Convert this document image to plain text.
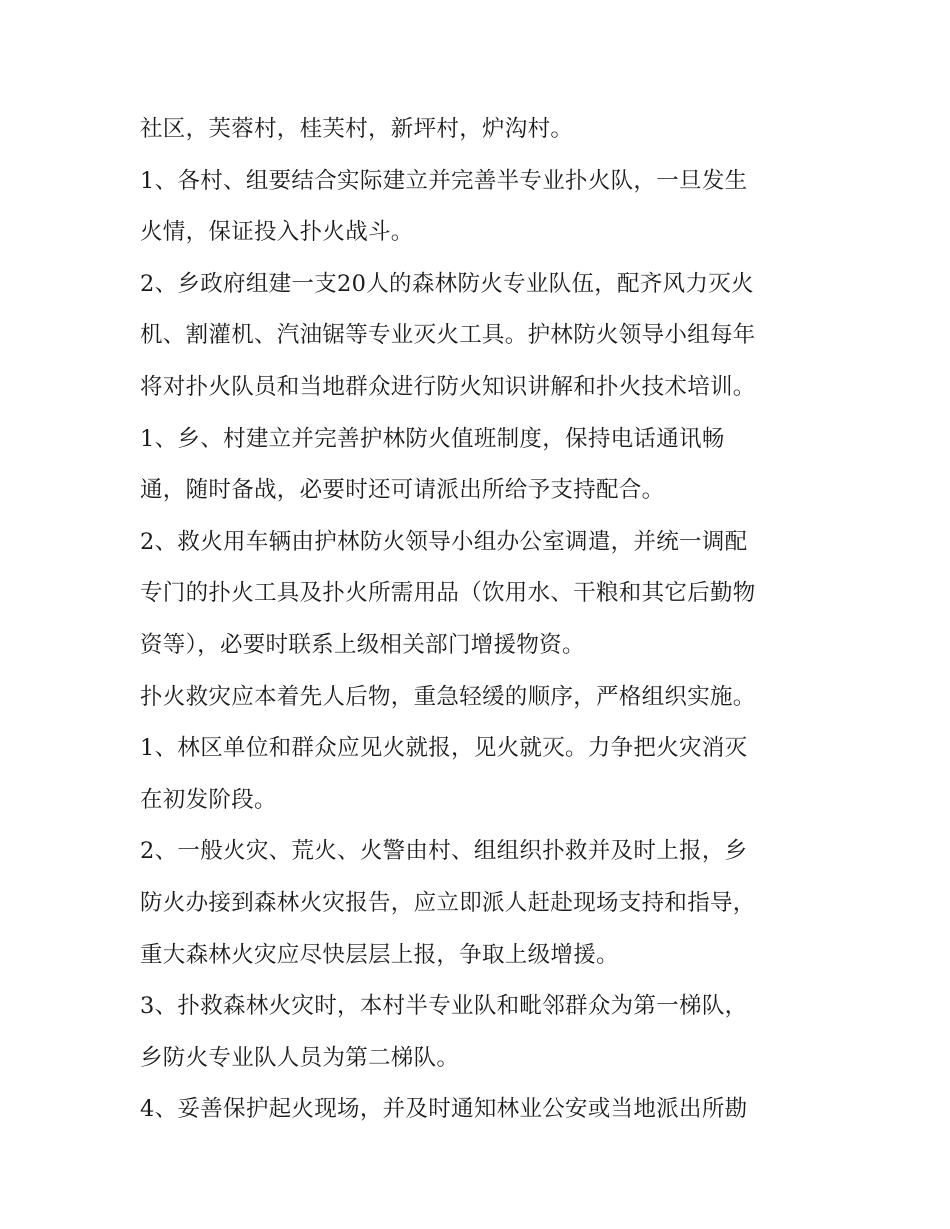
社区，芙蓉村，桂芙村，新坪村，炉沟村。
1、各村、组要结合实际建立并完善半专业扑火队，一旦发生
火情，保证投入扑火战斗。
2、乡政府组建一支20人的森林防火专业队伍，配齐风力灭火
机、割灌机、汽油锯等专业灭火工具。护林防火领导小组每年
将对扑火队员和当地群众进行防火知识讲解和扑火技术培训。
1、乡、村建立并完善护林防火值班制度，保持电话通讯畅
通，随时备战，必要时还可请派出所给予支持配合。
2、救火用车辆由护林防火领导小组办公室调遣，并统一调配
专门的扑火工具及扑火所需用品（饮用水、干粮和其它后勤物
资等），必要时联系上级相关部门增援物资。
扑火救灾应本着先人后物，重急轻缓的顺序，严格组织实施。
1、林区单位和群众应见火就报，见火就灭。力争把火灾消灭
在初发阶段。
2、一般火灾、荒火、火警由村、组组织扑救并及时上报，乡
防火办接到森林火灾报告，应立即派人赶赴现场支持和指导，
重大森林火灾应尽快层层上报，争取上级增援。
3、扑救森林火灾时，本村半专业队和毗邻群众为第一梯队，
乡防火专业队人员为第二梯队。
4、妥善保护起火现场，并及时通知林业公安或当地派出所勘
